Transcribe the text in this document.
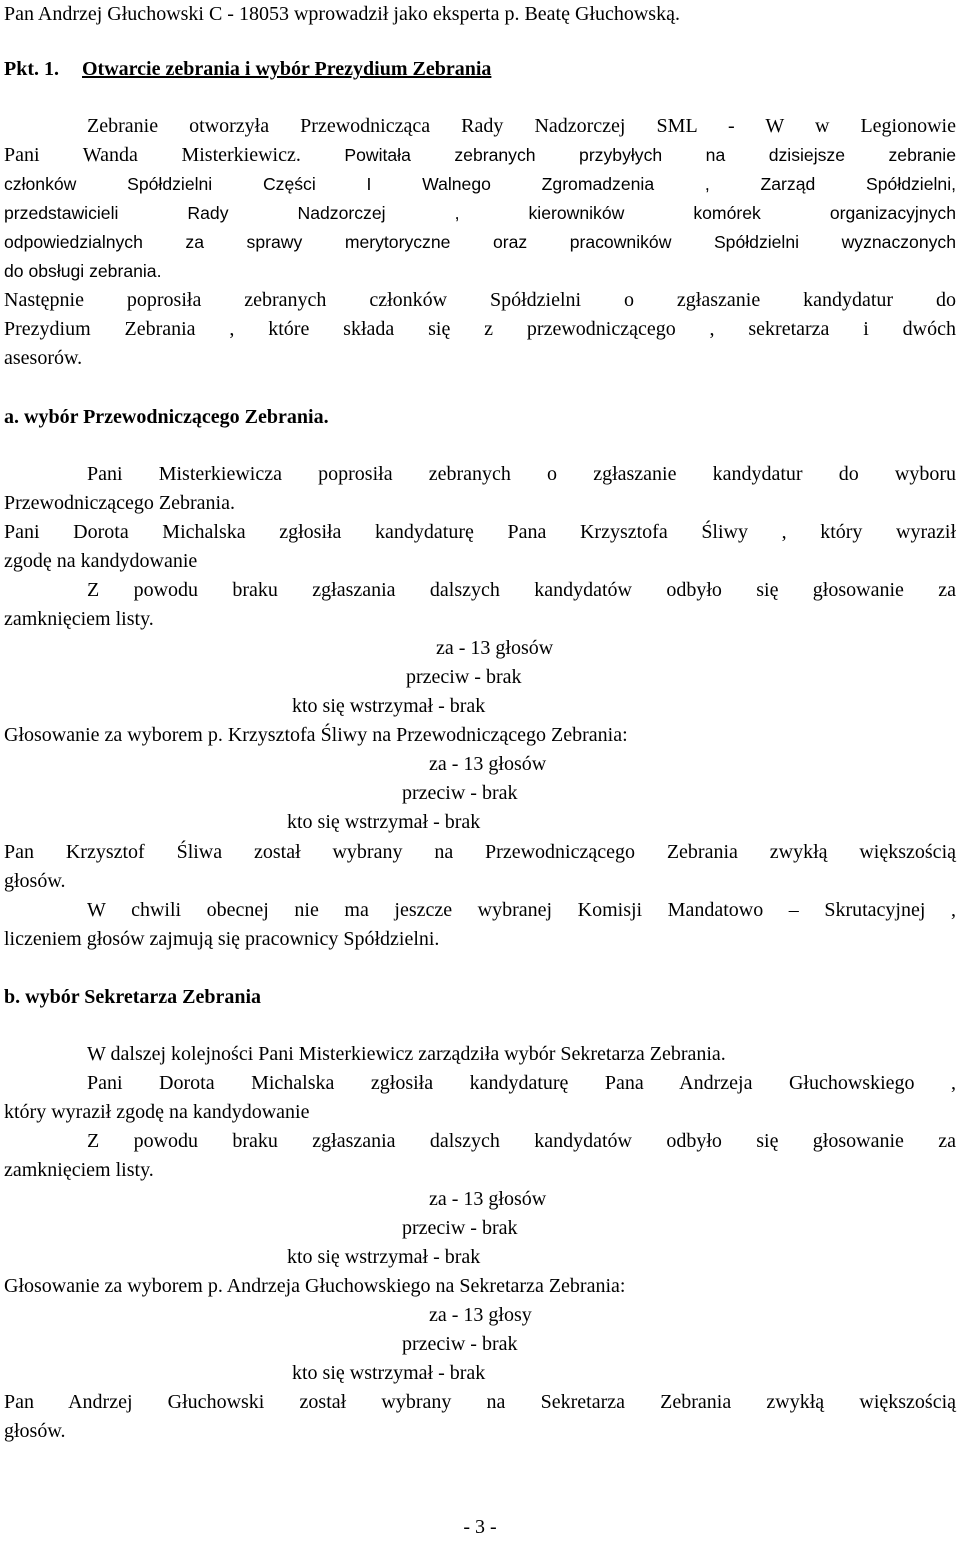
Pan Andrzej Głuchowski C - 18053 wprowadził jako eksperta p. Beatę Głuchowską.
Pkt. 1. Otwarcie zebrania i wybór Prezydium Zebrania
Zebranie otworzyła Przewodnicząca Rady Nadzorczej SML - W w Legionowie
Pani Wanda Misterkiewicz. Powitała zebranych przybyłych na dzisiejsze zebranie
członków Spółdzielni Części I Walnego Zgromadzenia , Zarząd Spółdzielni,
przedstawicieli Rady Nadzorczej , kierowników komórek organizacyjnych
odpowiedzialnych za sprawy merytoryczne oraz pracowników Spółdzielni wyznaczonych
do obsługi zebrania.
Następnie poprosiła zebranych członków Spółdzielni o zgłaszanie kandydatur do
Prezydium Zebrania , które składa się z przewodniczącego , sekretarza i dwóch
asesorów.
a. wybór Przewodniczącego Zebrania.
Pani Misterkiewicza poprosiła zebranych o zgłaszanie kandydatur do wyboru
Przewodniczącego Zebrania.
Pani Dorota Michalska zgłosiła kandydaturę Pana Krzysztofa Śliwy , który wyraził
zgodę na kandydowanie
Z powodu braku zgłaszania dalszych kandydatów odbyło się głosowanie za
zamknięciem listy.
za - 13 głosów
przeciw - brak
kto się wstrzymał - brak
Głosowanie za wyborem p. Krzysztofa Śliwy na Przewodniczącego Zebrania:
za - 13 głosów
przeciw - brak
kto się wstrzymał - brak
Pan Krzysztof Śliwa został wybrany na Przewodniczącego Zebrania zwykłą większością
głosów.
W chwili obecnej nie ma jeszcze wybranej Komisji Mandatowo – Skrutacyjnej ,
liczeniem głosów zajmują się pracownicy Spółdzielni.
b. wybór Sekretarza Zebrania
W dalszej kolejności Pani Misterkiewicz zarządziła wybór Sekretarza Zebrania.
Pani Dorota Michalska zgłosiła kandydaturę Pana Andrzeja Głuchowskiego ,
który wyraził zgodę na kandydowanie
Z powodu braku zgłaszania dalszych kandydatów odbyło się głosowanie za
zamknięciem listy.
za - 13 głosów
przeciw - brak
kto się wstrzymał - brak
Głosowanie za wyborem p. Andrzeja Głuchowskiego na Sekretarza Zebrania:
za - 13 głosy
przeciw - brak
kto się wstrzymał - brak
Pan Andrzej Głuchowski został wybrany na Sekretarza Zebrania zwykłą większością
głosów.
- 3 -
